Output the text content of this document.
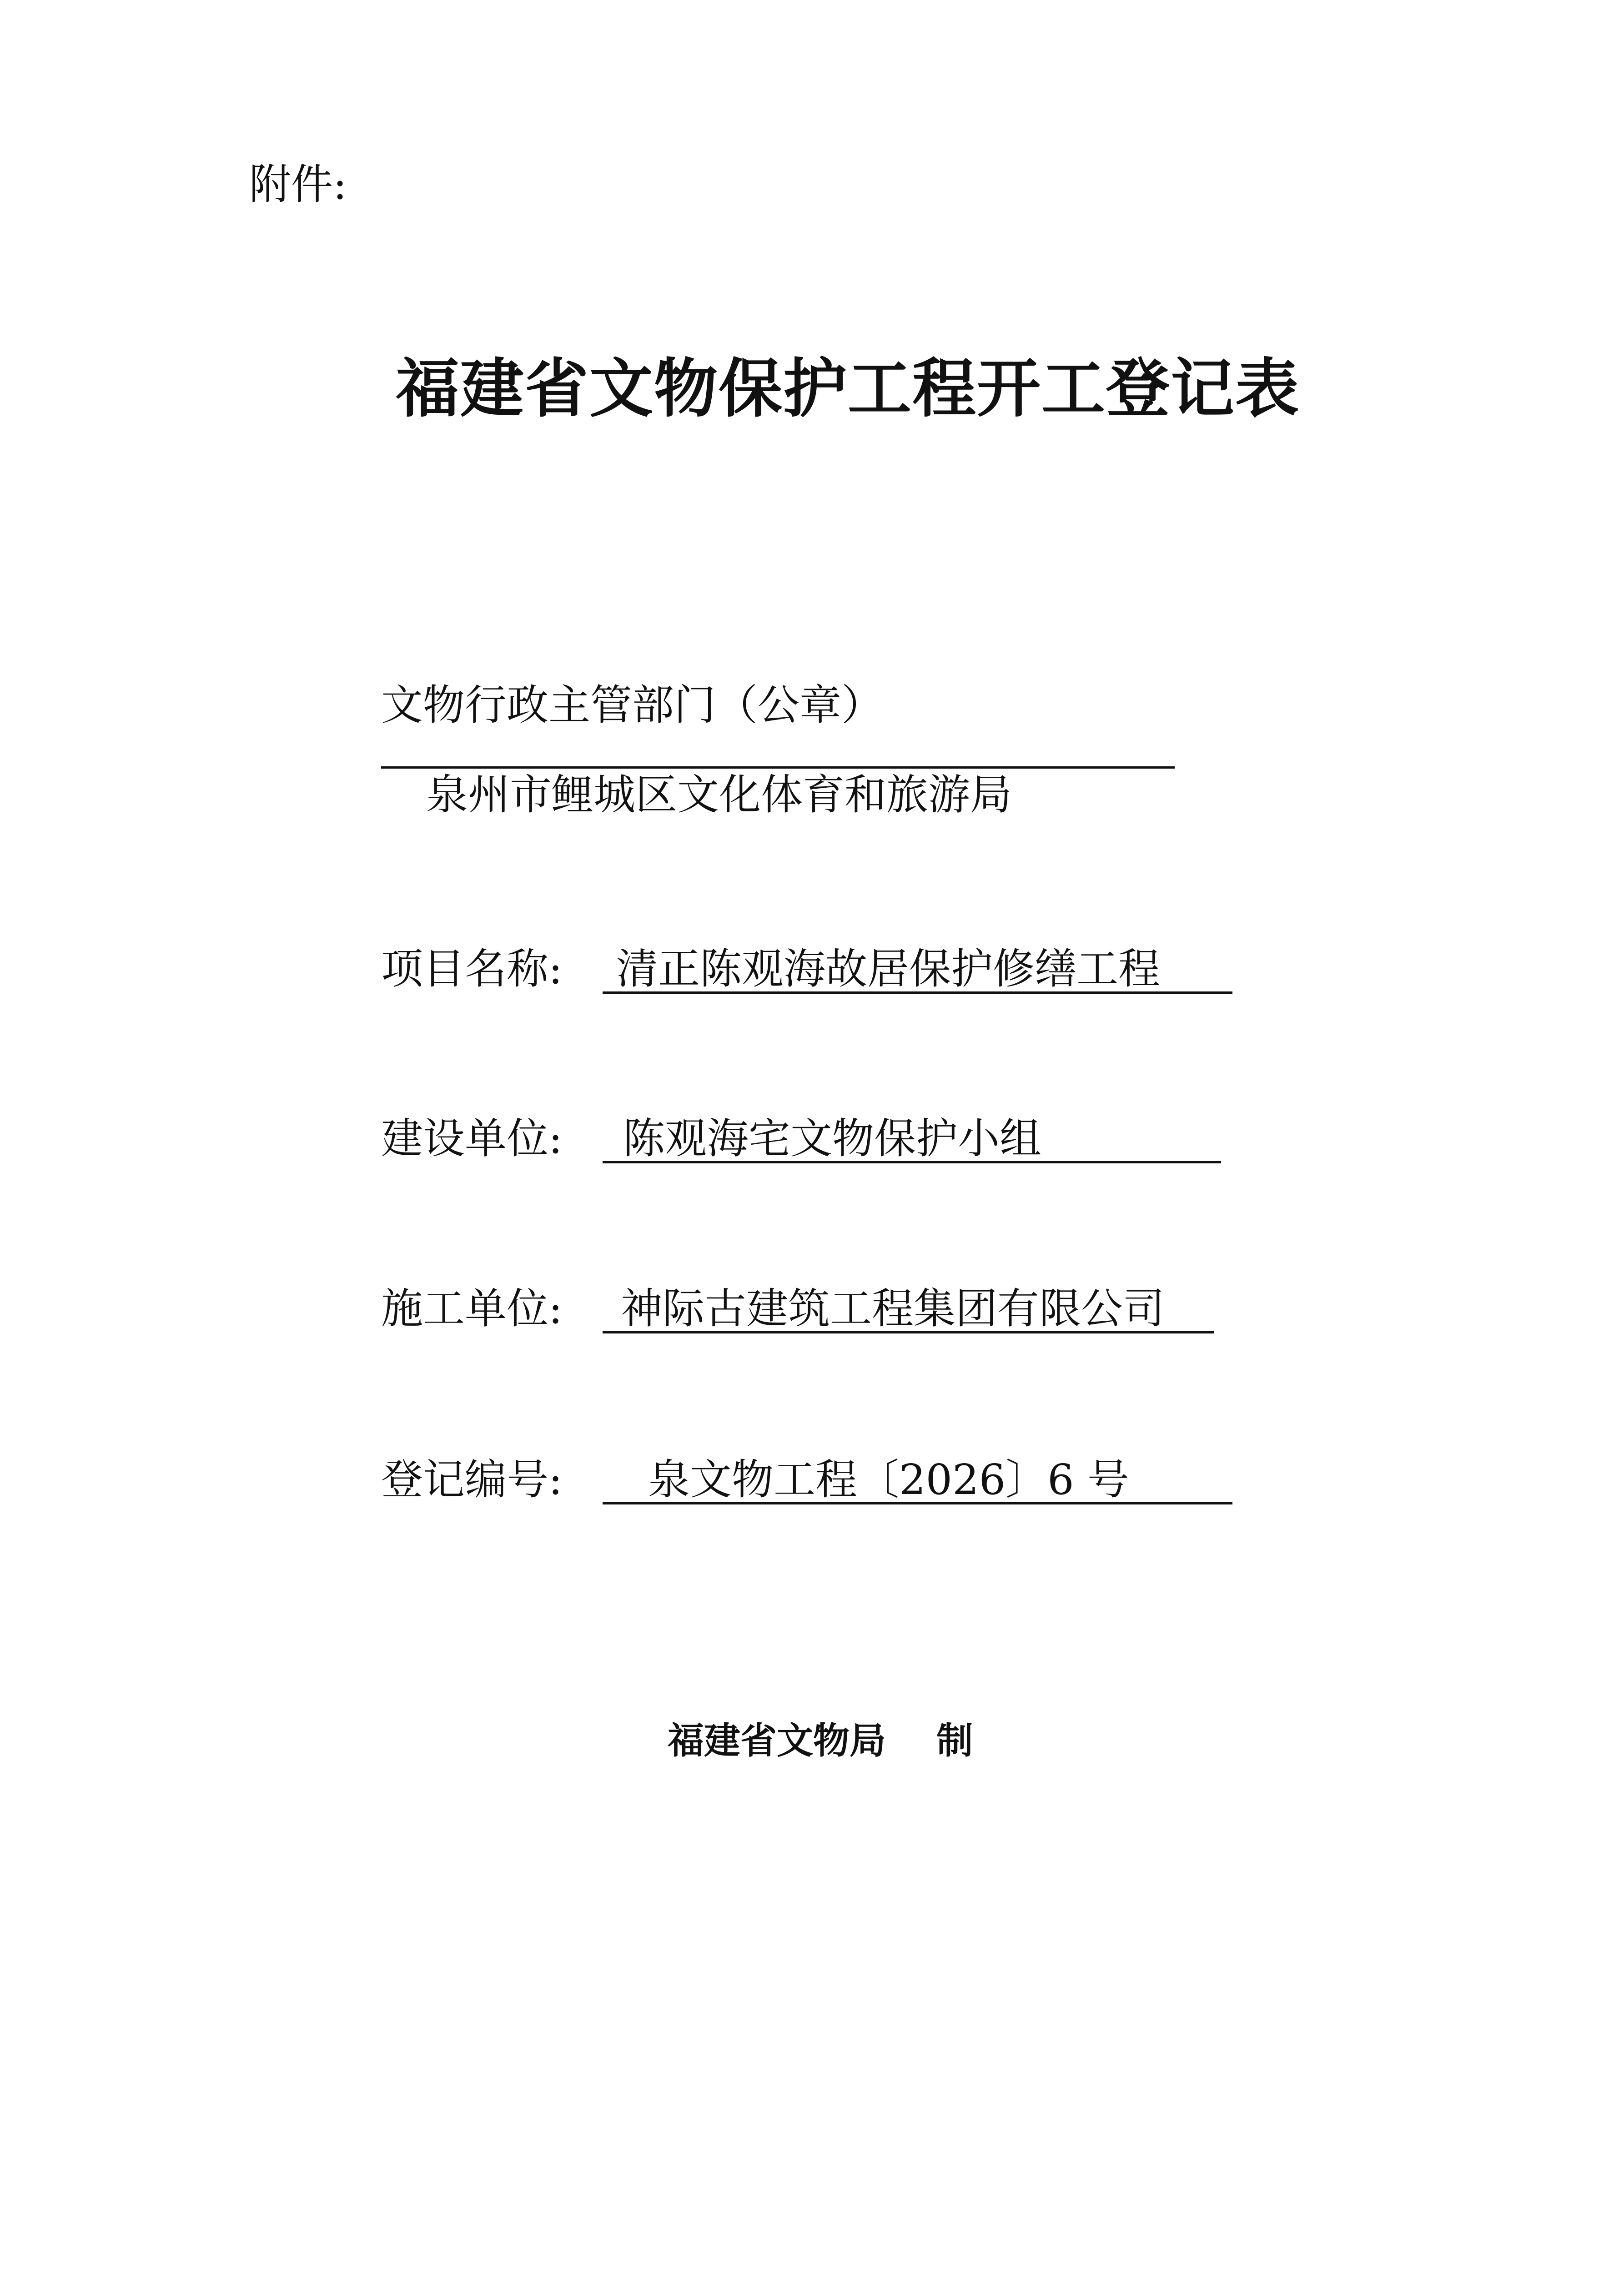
附件:
福建省文物保护工程开工登记表
文物行政主管部门（公章）
泉州市鲤城区文化体育和旅游局
项目名称: 清正陈观海故居保护修缮工程
建设单位: 陈观海宅文物保护小组
施工单位: 神际古建筑工程集团有限公司
登记编号: 泉文物工程〔2026〕6 号
福建省文物局 制
